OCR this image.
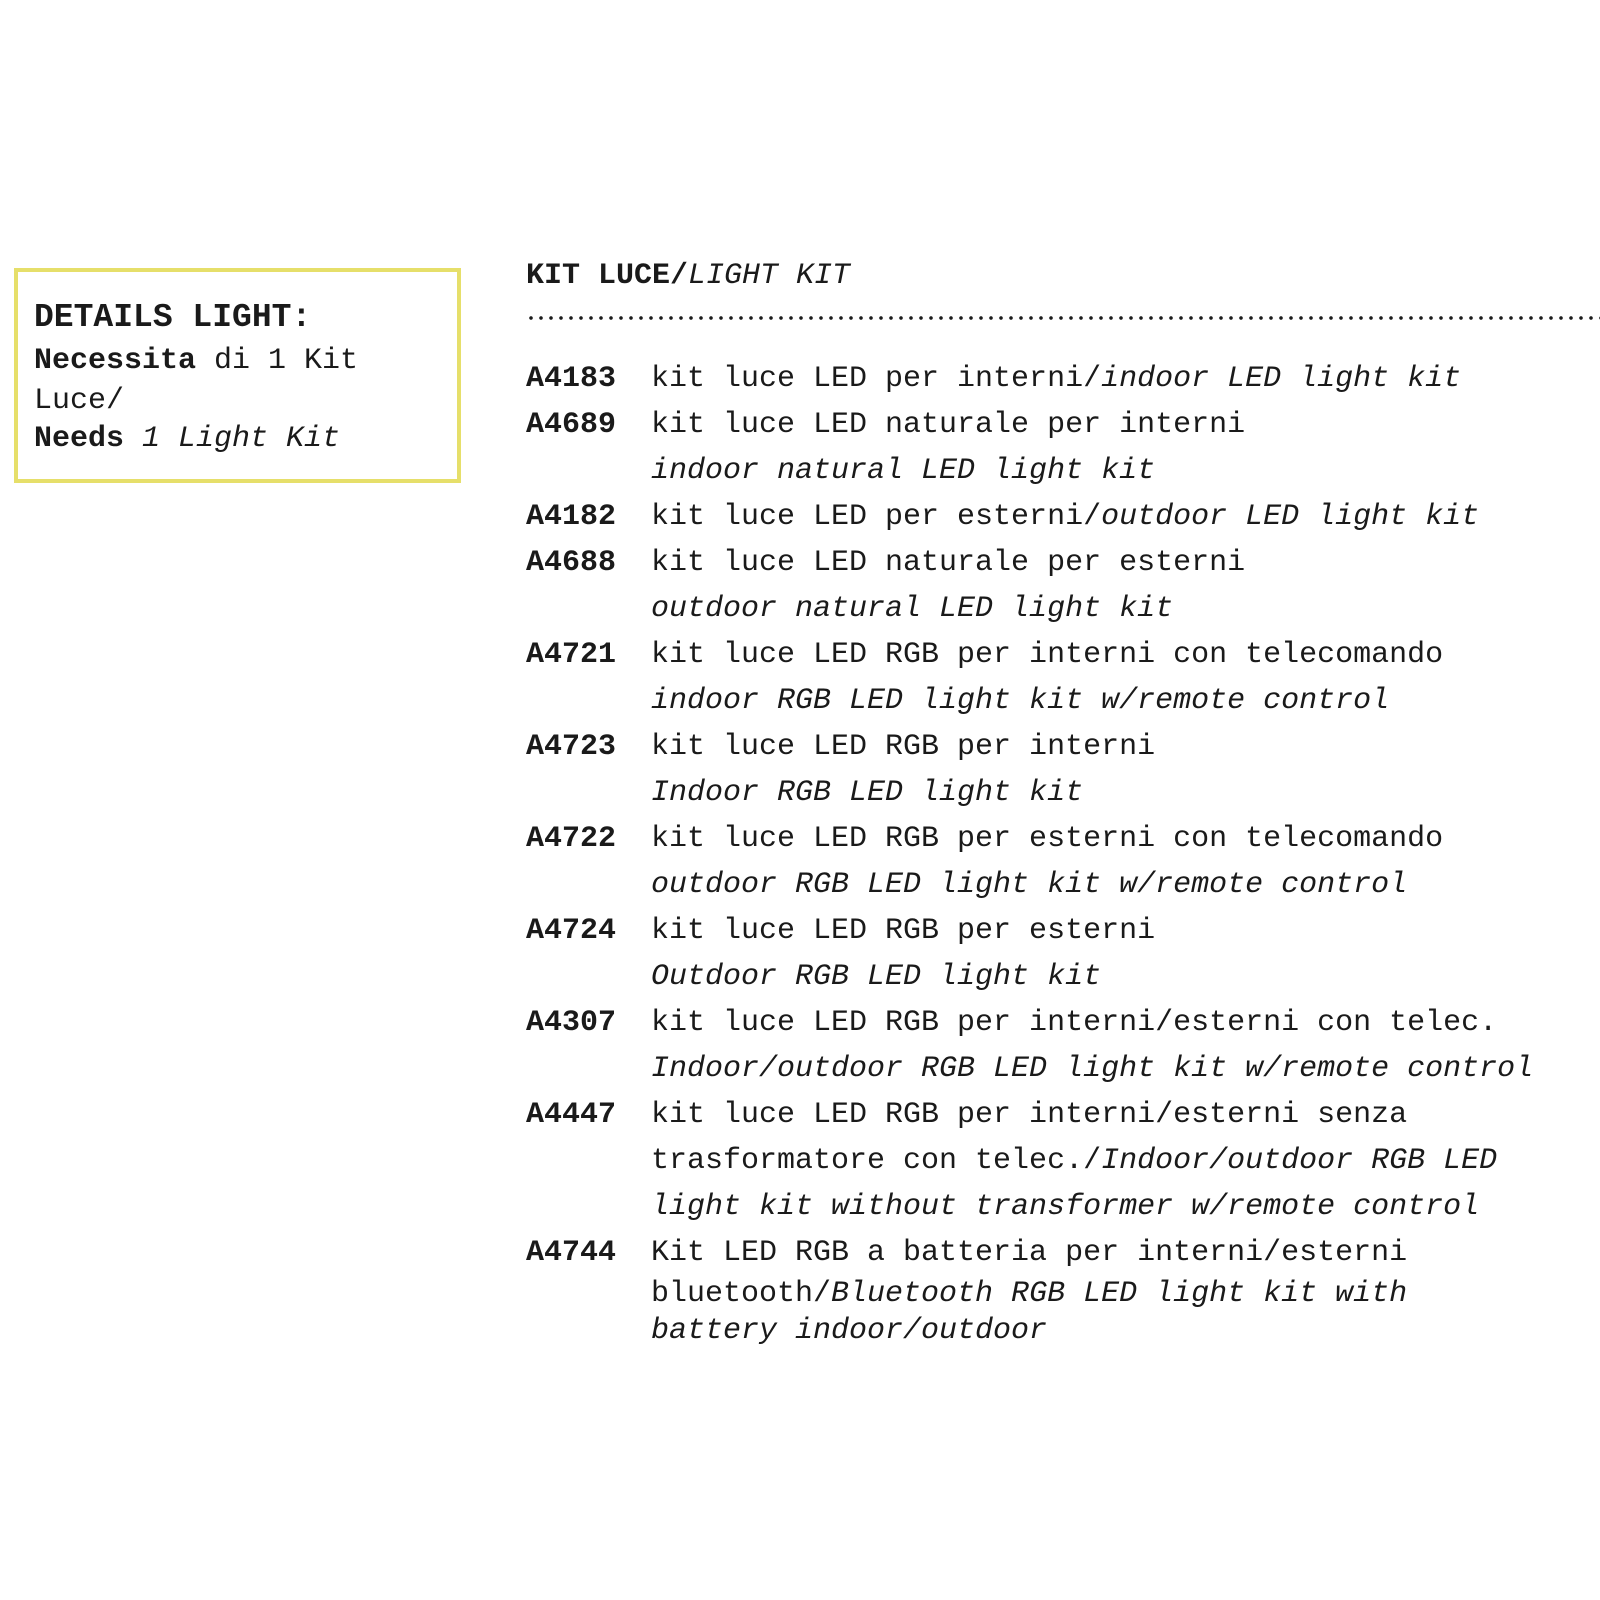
DETAILS LIGHT:
Necessita di 1 Kit
Luce/
Needs 1 Light Kit
KIT LUCE/LIGHT KIT
A4183	kit luce LED per interni/indoor LED light kit
A4689	kit luce LED naturale per interni
indoor natural LED light kit
A4182	kit luce LED per esterni/outdoor LED light kit
A4688	kit luce LED naturale per esterni
outdoor natural LED light kit
A4721	kit luce LED RGB per interni con telecomando
indoor RGB LED light kit w/remote control
A4723	kit luce LED RGB per interni
Indoor RGB LED light kit
A4722	kit luce LED RGB per esterni con telecomando
outdoor RGB LED light kit w/remote control
A4724	kit luce LED RGB per esterni
Outdoor RGB LED light kit
A4307	kit luce LED RGB per interni/esterni con telec.
Indoor/outdoor RGB LED light kit w/remote control
A4447	kit luce LED RGB per interni/esterni senza
trasformatore con telec./Indoor/outdoor RGB LED
light kit without transformer w/remote control
A4744	Kit LED RGB a batteria per interni/esterni
bluetooth/Bluetooth RGB LED light kit with
battery indoor/outdoor
